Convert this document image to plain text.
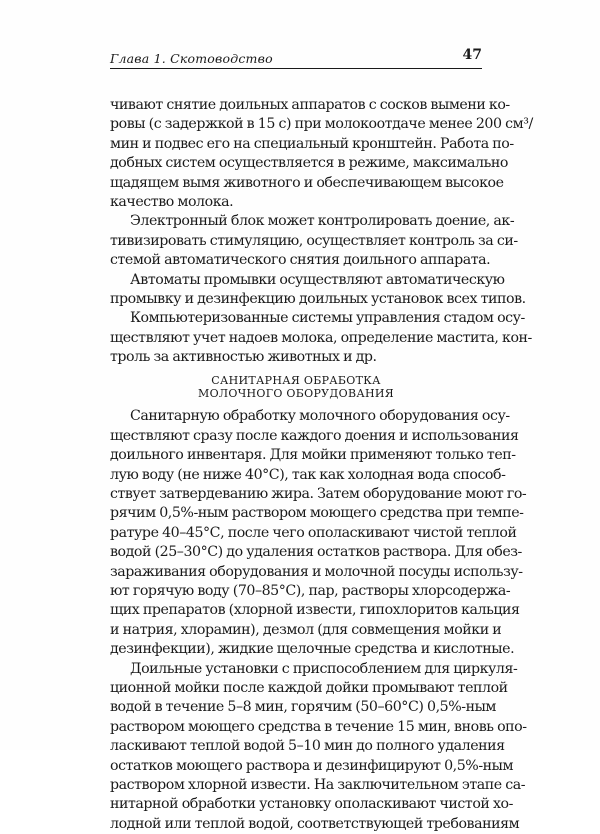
Глава 1. Скотоводство	47
чивают снятие доильных аппаратов с сосков вымени ко-
ровы (с задержкой в 15 с) при молокоотдаче менее 200 см³/
мин и подвес его на специальный кронштейн. Работа по-
добных систем осуществляется в режиме, максимально
щадящем вымя животного и обеспечивающем высокое
качество молока.
Электронный блок может контролировать доение, ак-
тивизировать стимуляцию, осуществляет контроль за си-
стемой автоматического снятия доильного аппарата.
Автоматы промывки осуществляют автоматическую
промывку и дезинфекцию доильных установок всех типов.
Компьютеризованные системы управления стадом осу-
ществляют учет надоев молока, определение мастита, кон-
троль за активностью животных и др.
САНИТАРНАЯ ОБРАБОТКА
МОЛОЧНОГО ОБОРУДОВАНИЯ
Санитарную обработку молочного оборудования осу-
ществляют сразу после каждого доения и использования
доильного инвентаря. Для мойки применяют только теп-
лую воду (не ниже 40°С), так как холодная вода способ-
ствует затвердеванию жира. Затем оборудование моют го-
рячим 0,5%-ным раствором моющего средства при темпе-
ратуре 40–45°С, после чего ополаскивают чистой теплой
водой (25–30°С) до удаления остатков раствора. Для обез-
зараживания оборудования и молочной посуды использу-
ют горячую воду (70–85°С), пар, растворы хлорсодержа-
щих препаратов (хлорной извести, гипохлоритов кальция
и натрия, хлорамин), дезмол (для совмещения мойки и
дезинфекции), жидкие щелочные средства и кислотные.
Доильные установки с приспособлением для циркуля-
ционной мойки после каждой дойки промывают теплой
водой в течение 5–8 мин, горячим (50–60°С) 0,5%-ным
раствором моющего средства в течение 15 мин, вновь опо-
ласкивают теплой водой 5–10 мин до полного удаления
остатков моющего раствора и дезинфицируют 0,5%-ным
раствором хлорной извести. На заключительном этапе са-
нитарной обработки установку ополаскивают чистой хо-
лодной или теплой водой, соответствующей требованиям
